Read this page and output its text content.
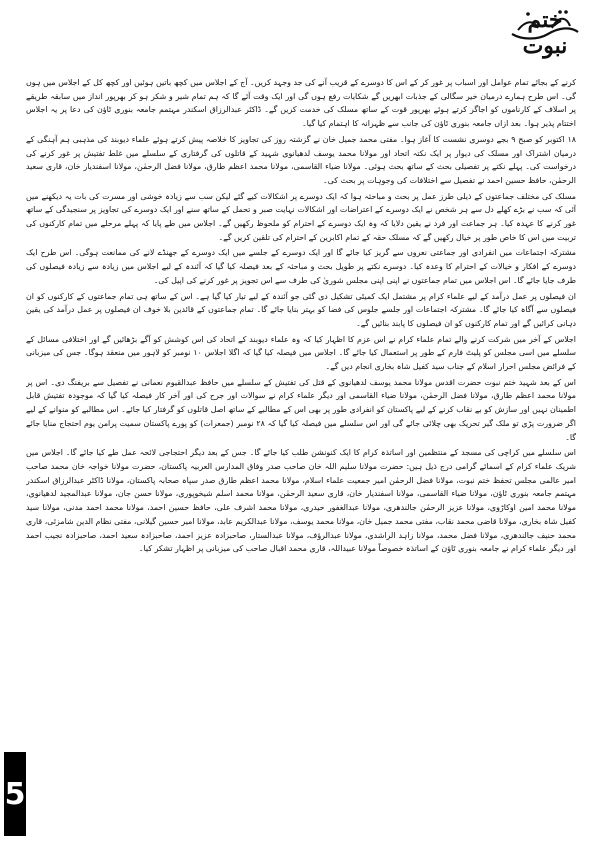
ختم نبوت

کرنے کے بجائے تمام عوامل اور اسباب پر غور کر کے اس کا دوسرے کے قریب آنے کی جد وجہد کریں۔ آج کے اجلاس میں کچھ باتیں ہوئیں اور کچھ کل کے اجلاس میں ہوں گی۔ اس طرح ہمارے درمیان خیر سگالی کے جذبات ابھریں گے شکایات رفع ہوں گی اور ایک وقت آئے گا کہ ہم تمام شیر و شکر ہو کر بھرپور انداز میں سابقہ طریقے پر اسلاف کے کارناموں کو اجاگر کرتے ہوئے بھرپور قوت کے ساتھ مسلک کی خدمت کریں گے۔ ڈاکٹر عبدالرزاق اسکندر مہتمم جامعہ بنوری ٹاؤن کی دعا پر یہ اجلاس اختتام پذیر ہوا۔ بعد ازاں جامعہ بنوری ٹاؤن کی جانب سے ظہرانہ کا اہتمام کیا گیا۔

۱۸ اکتوبر کو صبح ۹ بجے دوسری نشست کا آغاز ہوا۔ مفتی محمد جمیل خان نے گزشتہ روز کی تجاویز کا خلاصہ پیش کرتے ہوئے علماء دیوبند کی مذہبی ہم آہنگی کے درمیان اشتراک اور مسلک کی دیوار پر ایک نکتہ اتحاد اور مولانا محمد یوسف لدھیانوی شہید کے قاتلوں کی گرفتاری کے سلسلے میں غلط تفتیش پر غور کرنے کی درخواست کی۔ پہلے نکتے پر تفصیلی بحث کے ساتھ بحث ہوئی۔ مولانا ضیاء القاسمی، مولانا محمد اعظم طارق، مولانا فضل الرحمٰن، مولانا اسفندیار خان، قاری سعید الرحمٰن، حافظ حسین احمد نے تفصیل سے اختلافات کی وجوہات پر بحث کی۔

مسلک کی مختلف جماعتوں کے ذیلی طرز عمل پر بحث و مباحثہ ہوا کہ ایک دوسرے پر اشکالات کیے گئے لیکن سب سے زیادہ خوشی اور مسرت کی بات یہ دیکھنے میں آئی کہ سب نے بڑے کھلے دل سے ہر شخص نے ایک دوسرے کے اعتراضات اور اشکالات نہایت صبر و تحمل کے ساتھ سنے اور ایک دوسرے کی تجاویز پر سنجیدگی کے ساتھ غور کرنے کا عہدہ کیا۔ ہر جماعت اور فرد نے یقین دلایا کہ وہ ایک دوسرے کے احترام کو ملحوظ رکھیں گے۔ اجلاس میں طے پایا کہ پہلے مرحلے میں تمام کارکنوں کی تربیت میں اس کا خاص طور پر خیال رکھیں گے کہ مسلک حقہ کے تمام اکابرین کے احترام کی تلقین کریں گے۔

مشترکہ اجتماعات میں انفرادی اور جماعتی نعروں سے گریز کیا جائے گا اور ایک دوسرے کے جلسے میں ایک دوسرے کے جھنڈے لانے کی ممانعت ہوگی۔ اس طرح ایک دوسرے کے افکار و خیالات کے احترام کا وعدہ کیا۔ دوسرے نکتے پر طویل بحث و مباحثہ کے بعد فیصلہ کیا گیا کہ آئندہ کے لیے اجلاس میں زیادہ سے زیادہ فیصلوں کی طرف جایا جائے گا۔ اس اجلاس میں تمام جماعتوں نے اپنی اپنی مجلس شوریٰ کی طرف سے اس تجویز پر غور کرنے کی اپیل کی۔

ان فیصلوں پر عمل درآمد کے لیے علماء کرام پر مشتمل ایک کمیٹی تشکیل دی گئی جو آئندہ کے لیے تیار کیا گیا ہے۔ اس کے ساتھ ہی تمام جماعتوں کے کارکنوں کو ان فیصلوں سے آگاہ کیا جائے گا۔ مشترکہ اجتماعات اور جلسے جلوس کی فضا کو بہتر بنایا جائے گا۔ تمام جماعتوں کے قائدین بلا خوف ان فیصلوں پر عمل درآمد کی یقین دہانی کرائیں گے اور تمام کارکنوں کو ان فیصلوں کا پابند بنائیں گے۔

اجلاس کے آخر میں شرکت کرنے والے تمام علماء کرام نے اس عزم کا اظہار کیا کہ وہ علماء دیوبند کے اتحاد کی اس کوشش کو آگے بڑھائیں گے اور اختلافی مسائل کے سلسلے میں اسی مجلس کو پلیٹ فارم کے طور پر استعمال کیا جائے گا۔ اجلاس میں فیصلہ کیا گیا کہ اگلا اجلاس ۱۰ نومبر کو لاہور میں منعقد ہوگا۔ جس کی میزبانی کے فرائض مجلس احرار اسلام کے جناب سید کفیل شاہ بخاری انجام دیں گے۔

اس کے بعد شہید ختم نبوت حضرت اقدس مولانا محمد یوسف لدھیانوی کے قتل کی تفتیش کے سلسلے میں حافظ عبدالقیوم نعمانی نے تفصیل سے بریفنگ دی۔ اس پر مولانا محمد اعظم طارق، مولانا فضل الرحمٰن، مولانا ضیاء القاسمی اور دیگر علماء کرام نے سوالات اور جرح کی اور آخر کار فیصلہ کیا گیا کہ موجودہ تفتیش قابل اطمینان نہیں اور سازش کو بے نقاب کرنے کے لیے پاکستان کو انفرادی طور پر بھی اس کے مطالبے کے ساتھ اصل قاتلوں کو گرفتار کیا جائے۔ اس مطالبے کو منوانے کے لیے اگر ضرورت پڑی تو ملک گیر تحریک بھی چلائی جائے گی اور اس سلسلے میں فیصلہ کیا گیا کہ ۲۸ نومبر (جمعرات) کو پورے پاکستان سمیت پرامن یوم احتجاج منایا جائے گا۔

اس سلسلے میں کراچی کی مسجد کے منتظمین اور اساتذہ کرام کا ایک کنونشن طلب کیا جائے گا۔ جس کے بعد دیگر احتجاجی لائحہ عمل طے کیا جائے گا۔ اجلاس میں شریک علماء کرام کے اسمائے گرامی درج ذیل ہیں: حضرت مولانا سلیم اللہ خان صاحب صدر وفاق المدارس العربیہ پاکستان، حضرت مولانا خواجہ خان محمد صاحب امیر عالمی مجلس تحفظ ختم نبوت، مولانا فضل الرحمٰن امیر جمعیت علماء اسلام، مولانا محمد اعظم طارق صدر سپاہ صحابہ پاکستان، مولانا ڈاکٹر عبدالرزاق اسکندر مہتمم جامعہ بنوری ٹاؤن، مولانا ضیاء القاسمی، مولانا اسفندیار خان، قاری سعید الرحمٰن، مولانا محمد اسلم شیخوپوری، مولانا حسن جان، مولانا عبدالمجید لدھیانوی، مولانا محمد امین اوکاڑوی، مولانا عزیز الرحمٰن جالندھری، مولانا عبدالغفور حیدری، مولانا محمد اشرف علی، حافظ حسین احمد، مولانا محمد احمد مدنی، مولانا سید کفیل شاہ بخاری، مولانا قاضی محمد نقاب، مفتی محمد جمیل خان، مولانا محمد یوسف، مولانا عبدالکریم عابد، مولانا امیر حسین گیلانی، مفتی نظام الدین شامزئی، قاری محمد حنیف جالندھری، مولانا فضل محمد، مولانا زاہد الراشدی، مولانا عبدالرؤف، مولانا عبدالستار، صاحبزادہ عزیز احمد، صاحبزادہ سعید احمد، صاحبزادہ نجیب احمد اور دیگر علماء کرام نے جامعہ بنوری ٹاؤن کے اساتذہ خصوصاً مولانا عبیداللہ، قاری محمد اقبال صاحب کی میزبانی پر اظہار تشکر کیا۔

5
